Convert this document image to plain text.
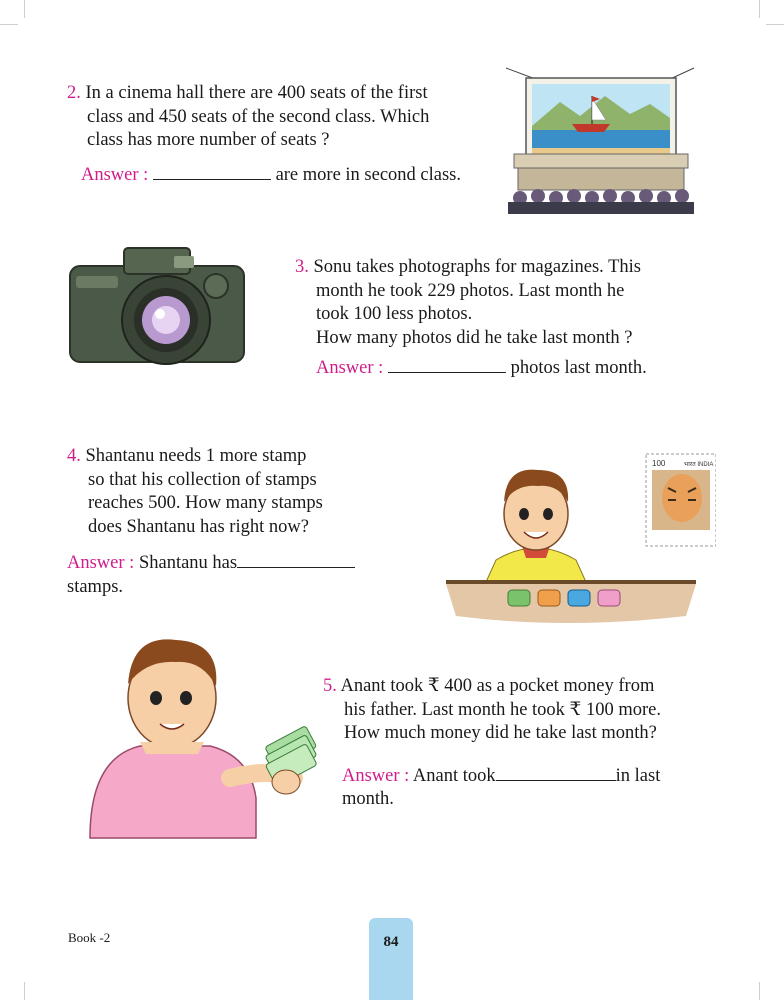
2. In a cinema hall there are 400 seats of the first
class and 450 seats of the second class. Which
class has more number of seats ?
Answer :	are more in second class.
3. Sonu takes photographs for magazines. This
month he took 229 photos. Last month he
took 100 less photos.
How many photos did he take last month ?
Answer :	photos last month.
4. Shantanu needs 1 more stamp
so that his collection of stamps
reaches 500. How many stamps
does Shantanu has right now?
Answer : Shantanu has
stamps.
100	भारत INDIA
5. Anant took ₹ 400 as a pocket money from
his father. Last month he took ₹ 100 more.
How much money did he take last month?
Answer : Anant took	in last
month.
Book -2	84
